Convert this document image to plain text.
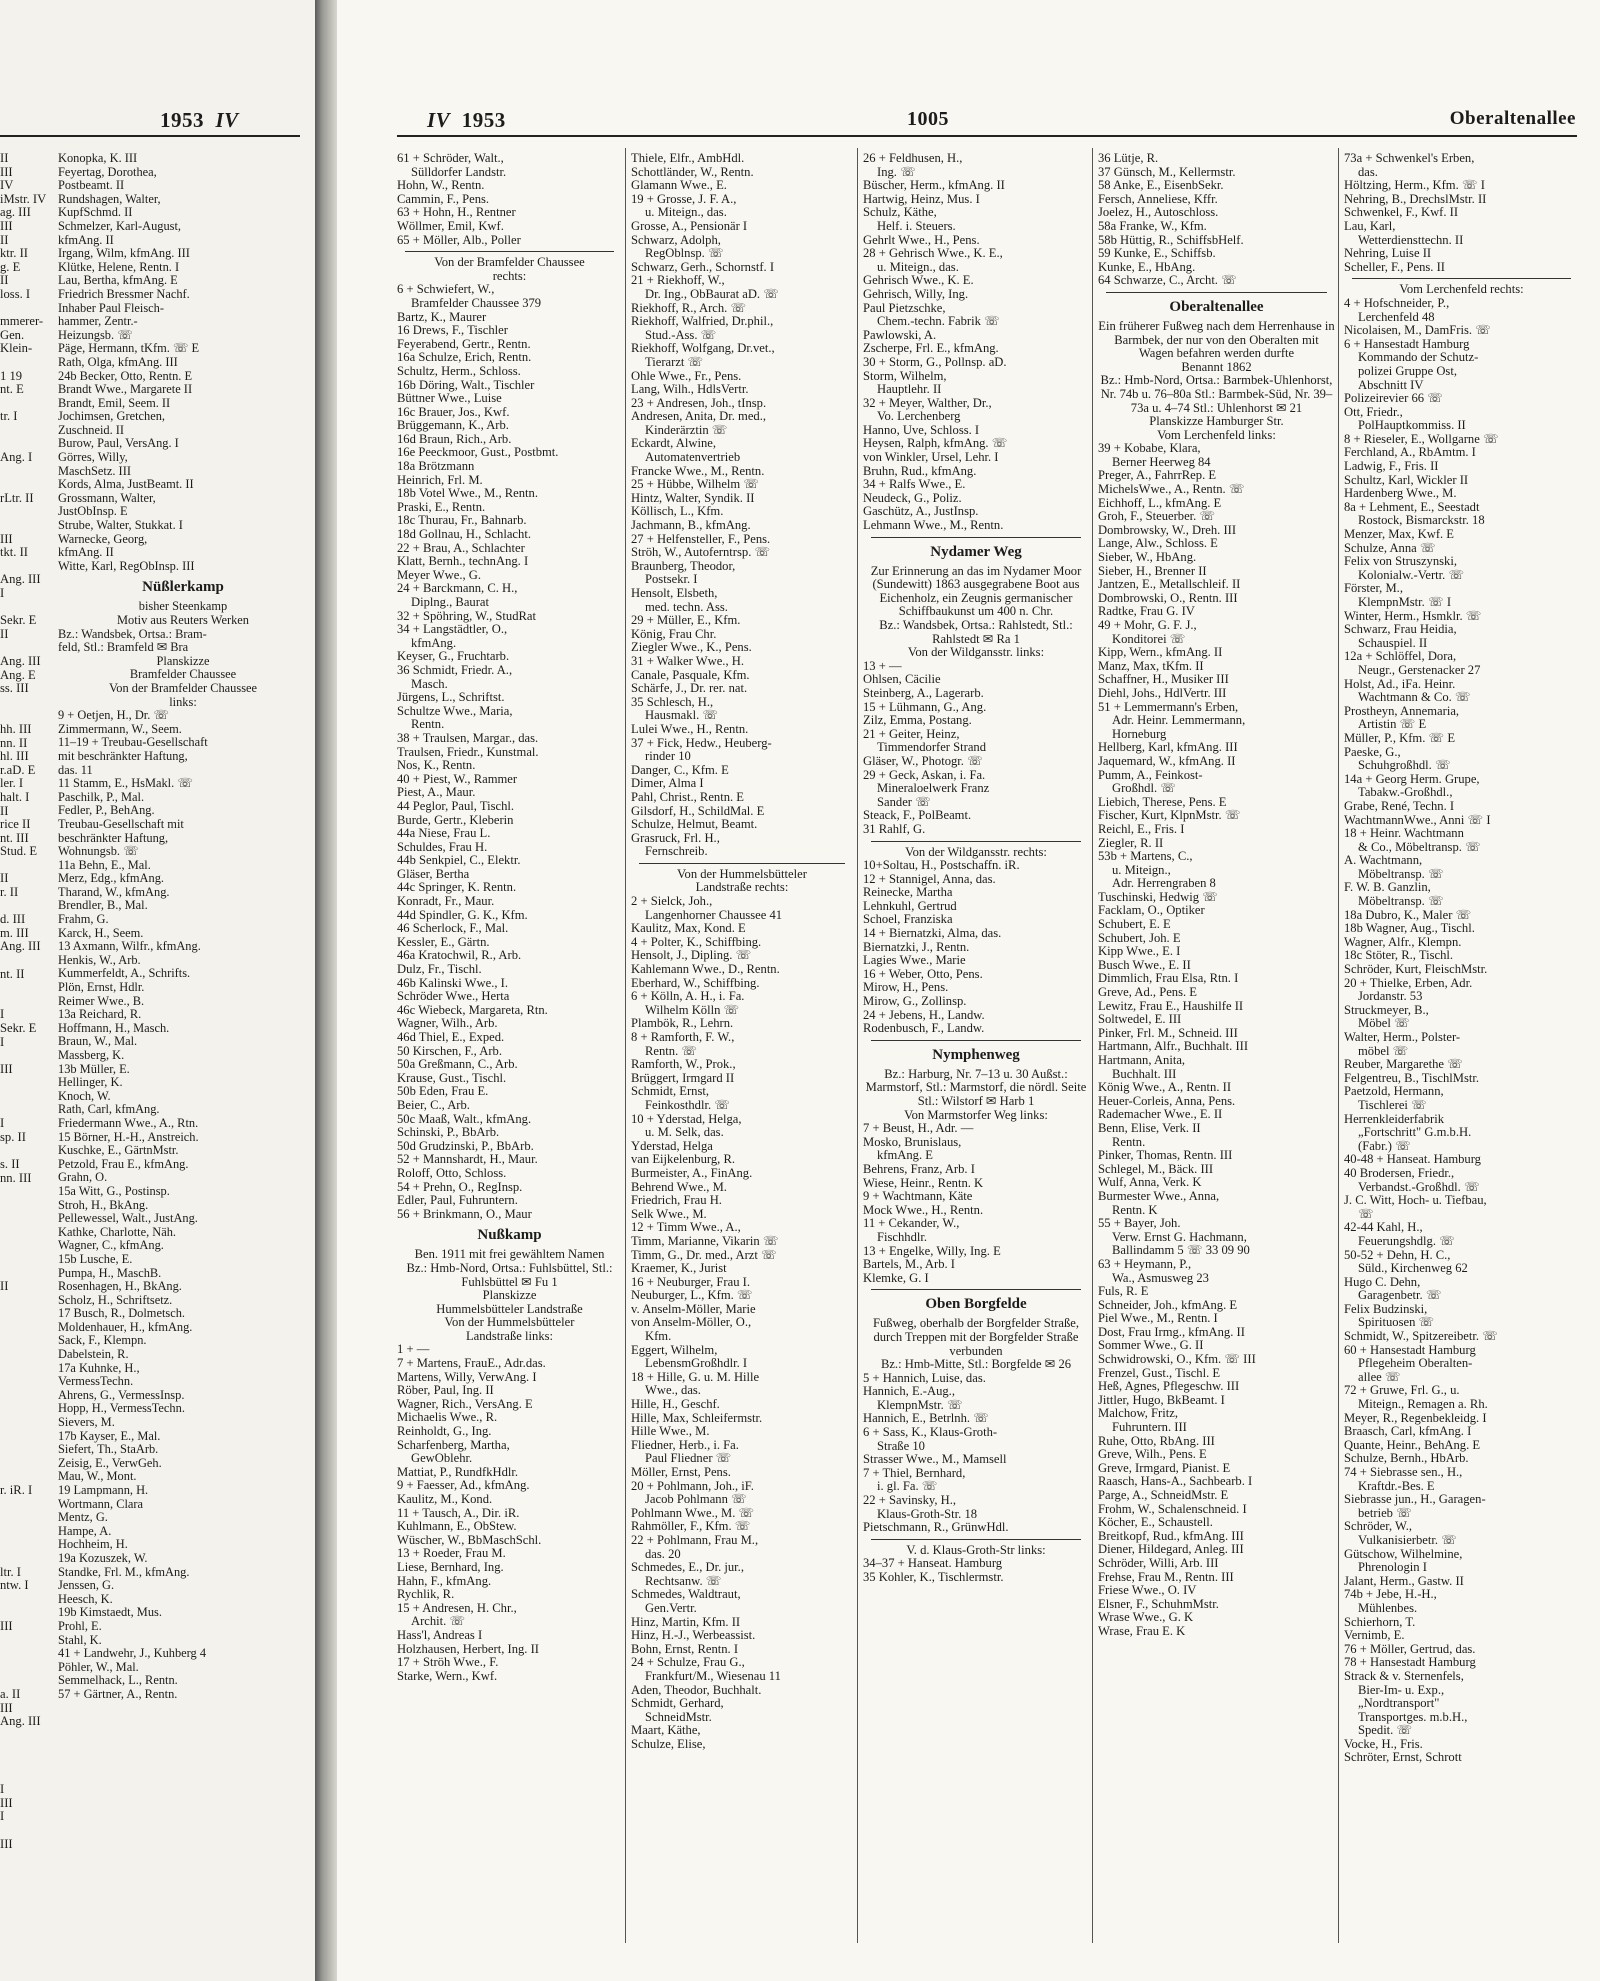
1953 IV
II
III
IV
iMstr. IV
ag. III
III
II
ktr. II
g. E
II
loss. I

mmerer-
Gen.
Klein-

1 19
nt. E

tr. I

Ang. I

rLtr. II

III
tkt. II

Ang. III
I

Sekr. E
II

Ang. III
Ang. E
ss. III

hh. III
nn. II
hl. III
r.aD. E
ler. I
halt. I
II
rice II
nt. III
Stud. E

II
r. II

d. III
m. III
Ang. III

nt. II

I
Sekr. E
I

III

I
sp. II

s. II
nn. III

II

r. iR. I

ltr. I
ntw. I

III

a. II
III
Ang. III

I
III
I

III

Konopka, K. III
Feyertag, Dorothea,
Postbeamt. II
Rundshagen, Walter,
KupfSchmd. II
Schmelzer, Karl-August,
kfmAng. II
Irgang, Wilm, kfmAng. III
Klütke, Helene, Rentn. I
Lau, Bertha, kfmAng. E
Friedrich Bressmer Nachf.
Inhaber Paul Fleisch-
hammer, Zentr.-
Heizungsb. ☏
Päge, Hermann, tKfm. ☏ E
Rath, Olga, kfmAng. III
24b Becker, Otto, Rentn. E
Brandt Wwe., Margarete II
Brandt, Emil, Seem. II
Jochimsen, Gretchen,
Zuschneid. II
Burow, Paul, VersAng. I
Görres, Willy,
MaschSetz. III
Kords, Alma, JustBeamt. II
Grossmann, Walter,
JustObInsp. E
Strube, Walter, Stukkat. I
Warnecke, Georg,
kfmAng. II
Witte, Karl, RegObInsp. III
Nüßlerkamp
bisher Steenkamp
Motiv aus Reuters Werken
Bz.: Wandsbek, Ortsa.: Bram-
feld, Stl.: Bramfeld ✉ Bra
Planskizze
Bramfelder Chaussee
Von der Bramfelder Chaussee
links:
9 + Oetjen, H., Dr. ☏
Zimmermann, W., Seem.
11–19 + Treubau-Gesellschaft
mit beschränkter Haftung,
das. 11
11 Stamm, E., HsMakl. ☏
Paschilk, P., Mal.
Fedler, P., BehAng.
Treubau-Gesellschaft mit
beschränkter Haftung,
Wohnungsb. ☏
11a Behn, E., Mal.
Merz, Edg., kfmAng.
Tharand, W., kfmAng.
Brendler, B., Mal.
Frahm, G.
Karck, H., Seem.
13 Axmann, Wilfr., kfmAng.
Henkis, W., Arb.
Kummerfeldt, A., Schrifts.
Plön, Ernst, Hdlr.
Reimer Wwe., B.
13a Reichard, R.
Hoffmann, H., Masch.
Braun, W., Mal.
Massberg, K.
13b Müller, E.
Hellinger, K.
Knoch, W.
Rath, Carl, kfmAng.
Friedermann Wwe., A., Rtn.
15 Börner, H.-H., Anstreich.
Kuschke, E., GärtnMstr.
Petzold, Frau E., kfmAng.
Grahn, O.
15a Witt, G., Postinsp.
Stroh, H., BkAng.
Pellewessel, Walt., JustAng.
Kathke, Charlotte, Näh.
Wagner, C., kfmAng.
15b Lusche, E.
Pumpa, H., MaschB.
Rosenhagen, H., BkAng.
Scholz, H., Schriftsetz.
17 Busch, R., Dolmetsch.
Moldenhauer, H., kfmAng.
Sack, F., Klempn.
Dabelstein, R.
17a Kuhnke, H.,
VermessTechn.
Ahrens, G., VermessInsp.
Hopp, H., VermessTechn.
Sievers, M.
17b Kayser, E., Mal.
Siefert, Th., StaArb.
Zeisig, E., VerwGeh.
Mau, W., Mont.
19 Lampmann, H.
Wortmann, Clara
Mentz, G.
Hampe, A.
Hochheim, H.
19a Kozuszek, W.
Standke, Frl. M., kfmAng.
Jenssen, G.
Heesch, K.
19b Kimstaedt, Mus.
Prohl, E.
Stahl, K.
41 + Landwehr, J., Kuhberg 4
Pöhler, W., Mal.
Semmelhack, L., Rentn.
57 + Gärtner, A., Rentn.
IV 1953	1005	Oberaltenallee
61 + Schröder, Walt.,
Sülldorfer Landstr.
Hohn, W., Rentn.
Cammin, F., Pens.
63 + Hohn, H., Rentner
Wöllmer, Emil, Kwf.
65 + Möller, Alb., Poller
Von der Bramfelder Chaussee
rechts:
6 + Schwiefert, W.,
Bramfelder Chaussee 379
Bartz, K., Maurer
16 Drews, F., Tischler
Feyerabend, Gertr., Rentn.
16a Schulze, Erich, Rentn.
Schultz, Herm., Schloss.
16b Döring, Walt., Tischler
Büttner Wwe., Luise
16c Brauer, Jos., Kwf.
Brüggemann, K., Arb.
16d Braun, Rich., Arb.
16e Peeckmoor, Gust., Postbmt.
18a Brötzmann
Heinrich, Frl. M.
18b Votel Wwe., M., Rentn.
Praski, E., Rentn.
18c Thurau, Fr., Bahnarb.
18d Gollnau, H., Schlacht.
22 + Brau, A., Schlachter
Klatt, Bernh., technAng. I
Meyer Wwe., G.
24 + Barckmann, C. H.,
Diplng., Baurat
32 + Spöhring, W., StudRat
34 + Langstädtler, O.,
kfmAng.
Keyser, G., Fruchtarb.
36 Schmidt, Friedr. A.,
Masch.
Jürgens, L., Schriftst.
Schultze Wwe., Maria,
Rentn.
38 + Traulsen, Margar., das.
Traulsen, Friedr., Kunstmal.
Nos, K., Rentn.
40 + Piest, W., Rammer
Piest, A., Maur.
44 Peglor, Paul, Tischl.
Burde, Gertr., Kleberin
44a Niese, Frau L.
Schuldes, Frau H.
44b Senkpiel, C., Elektr.
Gläser, Bertha
44c Springer, K. Rentn.
Konradt, Fr., Maur.
44d Spindler, G. K., Kfm.
46 Scherlock, F., Mal.
Kessler, E., Gärtn.
46a Kratochwil, R., Arb.
Dulz, Fr., Tischl.
46b Kalinski Wwe., I.
Schröder Wwe., Herta
46c Wiebeck, Margareta, Rtn.
Wagner, Wilh., Arb.
46d Thiel, E., Exped.
50 Kirschen, F., Arb.
50a Greßmann, C., Arb.
Krause, Gust., Tischl.
50b Eden, Frau E.
Beier, C., Arb.
50c Maaß, Walt., kfmAng.
Schinski, P., BbArb.
50d Grudzinski, P., BbArb.
52 + Mannshardt, H., Maur.
Roloff, Otto, Schloss.
54 + Prehn, O., RegInsp.
Edler, Paul, Fuhruntern.
56 + Brinkmann, O., Maur
Nußkamp
Ben. 1911 mit frei gewähltem Namen
Bz.: Hmb-Nord, Ortsa.: Fuhlsbüttel, Stl.: Fuhlsbüttel ✉ Fu 1
Planskizze
Hummelsbütteler Landstraße
Von der Hummelsbütteler
Landstraße links:
1 + —
7 + Martens, FrauE., Adr.das.
Martens, Willy, VerwAng. I
Röber, Paul, Ing. II
Wagner, Rich., VersAng. E
Michaelis Wwe., R.
Reinholdt, G., Ing.
Scharfenberg, Martha,
GewOblehr.
Mattiat, P., RundfkHdlr.
9 + Faesser, Ad., kfmAng.
Kaulitz, M., Kond.
11 + Tausch, A., Dir. iR.
Kuhlmann, E., ObStew.
Wüscher, W., BbMaschSchl.
13 + Roeder, Frau M.
Liese, Bernhard, Ing.
Hahn, F., kfmAng.
Rychlik, R.
15 + Andresen, H. Chr.,
Archit. ☏
Hass'l, Andreas I
Holzhausen, Herbert, Ing. II
17 + Ströh Wwe., F.
Starke, Wern., Kwf.
Thiele, Elfr., AmbHdl.
Schottländer, W., Rentn.
Glamann Wwe., E.
19 + Grosse, J. F. A.,
u. Miteign., das.
Grosse, A., Pensionär I
Schwarz, Adolph,
RegOblnsp. ☏
Schwarz, Gerh., Schornstf. I
21 + Riekhoff, W.,
Dr. Ing., ObBaurat aD. ☏
Riekhoff, R., Arch. ☏
Riekhoff, Walfried, Dr.phil.,
Stud.-Ass. ☏
Riekhoff, Wolfgang, Dr.vet.,
Tierarzt ☏
Ohle Wwe., Fr., Pens.
Lang, Wilh., HdlsVertr.
23 + Andresen, Joh., tInsp.
Andresen, Anita, Dr. med.,
Kinderärztin ☏
Eckardt, Alwine,
Automatenvertrieb
Francke Wwe., M., Rentn.
25 + Hübbe, Wilhelm ☏
Hintz, Walter, Syndik. II
Köllisch, L., Kfm.
Jachmann, B., kfmAng.
27 + Helfensteller, F., Pens.
Ströh, W., Autoferntrsp. ☏
Braunberg, Theodor,
Postsekr. I
Hensolt, Elsbeth,
med. techn. Ass.
29 + Müller, E., Kfm.
König, Frau Chr.
Ziegler Wwe., K., Pens.
31 + Walker Wwe., H.
Canale, Pasquale, Kfm.
Schärfe, J., Dr. rer. nat.
35 Schlesch, H.,
Hausmakl. ☏
Lulei Wwe., H., Rentn.
37 + Fick, Hedw., Heuberg-
rinder 10
Danger, C., Kfm. E
Dimer, Alma I
Pahl, Christ., Rentn. E
Gilsdorf, H., SchildMal. E
Schulze, Helmut, Beamt.
Grasruck, Frl. H.,
Fernschreib.
Von der Hummelsbütteler
Landstraße rechts:
2 + Sielck, Joh.,
Langenhorner Chaussee 41
Kaulitz, Max, Kond. E
4 + Polter, K., Schiffbing.
Hensolt, J., Dipling. ☏
Kahlemann Wwe., D., Rentn.
Eberhard, W., Schiffbing.
6 + Kölln, A. H., i. Fa.
Wilhelm Kölln ☏
Plambök, R., Lehrn.
8 + Ramforth, F. W.,
Rentn. ☏
Ramforth, W., Prok.,
Brüggert, Irmgard II
Schmidt, Ernst,
Feinkosthdlr. ☏
10 + Yderstad, Helga,
u. M. Selk, das.
Yderstad, Helga
van Eijkelenburg, R.
Burmeister, A., FinAng.
Behrend Wwe., M.
Friedrich, Frau H.
Selk Wwe., M.
12 + Timm Wwe., A.,
Timm, Marianne, Vikarin ☏
Timm, G., Dr. med., Arzt ☏
Kraemer, K., Jurist
16 + Neuburger, Frau I.
Neuburger, L., Kfm. ☏
v. Anselm-Möller, Marie
von Anselm-Möller, O.,
Kfm.
Eggert, Wilhelm,
LebensmGroßhdlr. I
18 + Hille, G. u. M. Hille
Wwe., das.
Hille, H., Geschf.
Hille, Max, Schleifermstr.
Hille Wwe., M.
Fliedner, Herb., i. Fa.
Paul Fliedner ☏
Möller, Ernst, Pens.
20 + Pohlmann, Joh., iF.
Jacob Pohlmann ☏
Pohlmann Wwe., M. ☏
Rahmöller, F., Kfm. ☏
22 + Pohlmann, Frau M.,
das. 20
Schmedes, E., Dr. jur.,
Rechtsanw. ☏
Schmedes, Waldtraut,
Gen.Vertr.
Hinz, Martin, Kfm. II
Hinz, H.-J., Werbeassist.
Bohn, Ernst, Rentn. I
24 + Schulze, Frau G.,
Frankfurt/M., Wiesenau 11
Aden, Theodor, Buchhalt.
Schmidt, Gerhard,
SchneidMstr.
Maart, Käthe,
Schulze, Elise,
26 + Feldhusen, H.,
Ing. ☏
Büscher, Herm., kfmAng. II
Hartwig, Heinz, Mus. I
Schulz, Käthe,
Helf. i. Steuers.
Gehrlt Wwe., H., Pens.
28 + Gehrisch Wwe., K. E.,
u. Miteign., das.
Gehrisch Wwe., K. E.
Gehrisch, Willy, Ing.
Paul Pietzschke,
Chem.-techn. Fabrik ☏
Pawlowski, A.
Zscherpe, Frl. E., kfmAng.
30 + Storm, G., Pollnsp. aD.
Storm, Wilhelm,
Hauptlehr. II
32 + Meyer, Walther, Dr.,
Vo. Lerchenberg
Hanno, Uve, Schloss. I
Heysen, Ralph, kfmAng. ☏
von Winkler, Ursel, Lehr. I
Bruhn, Rud., kfmAng.
34 + Ralfs Wwe., E.
Neudeck, G., Poliz.
Gaschütz, A., JustInsp.
Lehmann Wwe., M., Rentn.
Nydamer Weg
Zur Erinnerung an das im Nydamer Moor (Sundewitt) 1863 ausgegrabene Boot aus Eichenholz, ein Zeugnis germanischer Schiffbaukunst um 400 n. Chr.
Bz.: Wandsbek, Ortsa.: Rahlstedt, Stl.: Rahlstedt ✉ Ra 1
Von der Wildgansstr. links:
13 + —
Ohlsen, Cäcilie
Steinberg, A., Lagerarb.
15 + Lühmann, G., Ang.
Zilz, Emma, Postang.
21 + Geiter, Heinz,
Timmendorfer Strand
Gläser, W., Photogr. ☏
29 + Geck, Askan, i. Fa.
Mineraloelwerk Franz
Sander ☏
Steack, F., PolBeamt.
31 Rahlf, G.
Von der Wildgansstr. rechts:
10+Soltau, H., Postschaffn. iR.
12 + Stannigel, Anna, das.
Reinecke, Martha
Lehnkuhl, Gertrud
Schoel, Franziska
14 + Biernatzki, Alma, das.
Biernatzki, J., Rentn.
Lagies Wwe., Marie
16 + Weber, Otto, Pens.
Mirow, H., Pens.
Mirow, G., Zollinsp.
24 + Jebens, H., Landw.
Rodenbusch, F., Landw.
Nymphenweg
Bz.: Harburg, Nr. 7–13 u. 30 Außst.: Marmstorf, Stl.: Marmstorf, die nördl. Seite Stl.: Wilstorf ✉ Harb 1
Von Marmstorfer Weg links:
7 + Beust, H., Adr. —
Mosko, Brunislaus,
kfmAng. E
Behrens, Franz, Arb. I
Wiese, Heinr., Rentn. K
9 + Wachtmann, Käte
Mock Wwe., H., Rentn.
11 + Cekander, W.,
Fischhdlr.
13 + Engelke, Willy, Ing. E
Bartels, M., Arb. I
Klemke, G. I
Oben Borgfelde
Fußweg, oberhalb der Borgfelder Straße, durch Treppen mit der Borgfelder Straße verbunden
Bz.: Hmb-Mitte, Stl.: Borgfelde ✉ 26
5 + Hannich, Luise, das.
Hannich, E.-Aug.,
KlempnMstr. ☏
Hannich, E., Betrlnh. ☏
6 + Sass, K., Klaus-Groth-
Straße 10
Strasser Wwe., M., Mamsell
7 + Thiel, Bernhard,
i. gl. Fa. ☏
22 + Savinsky, H.,
Klaus-Groth-Str. 18
Pietschmann, R., GrünwHdl.
V. d. Klaus-Groth-Str links:
34–37 + Hanseat. Hamburg
35 Kohler, K., Tischlermstr.
36 Lütje, R.
37 Günsch, M., Kellermstr.
58 Anke, E., EisenbSekr.
Fersch, Anneliese, Kffr.
Joelez, H., Autoschloss.
58a Franke, W., Kfm.
58b Hüttig, R., SchiffsbHelf.
59 Kunke, E., Schiffsb.
Kunke, E., HbAng.
64 Schwarze, C., Archt. ☏
Oberaltenallee
Ein früherer Fußweg nach dem Herrenhause in Barmbek, der nur von den Oberalten mit Wagen befahren werden durfte
Benannt 1862
Bz.: Hmb-Nord, Ortsa.: Barmbek-Uhlenhorst, Nr. 74b u. 76–80a Stl.: Barmbek-Süd, Nr. 39–73a u. 4–74 Stl.: Uhlenhorst ✉ 21
Planskizze Hamburger Str.
Vom Lerchenfeld links:
39 + Kobabe, Klara,
Berner Heerweg 84
Preger, A., FahrrRep. E
MichelsWwe., A., Rentn. ☏
Eichhoff, L., kfmAng. E
Groh, F., Steuerber. ☏
Dombrowsky, W., Dreh. III
Lange, Alw., Schloss. E
Sieber, W., HbAng.
Sieber, H., Brenner II
Jantzen, E., Metallschleif. II
Dombrowski, O., Rentn. III
Radtke, Frau G. IV
49 + Mohr, G. F. J.,
Konditorei ☏
Kipp, Wern., kfmAng. II
Manz, Max, tKfm. II
Schaffner, H., Musiker III
Diehl, Johs., HdlVertr. III
51 + Lemmermann's Erben,
Adr. Heinr. Lemmermann,
Horneburg
Hellberg, Karl, kfmAng. III
Jaquemard, W., kfmAng. II
Pumm, A., Feinkost-
Großhdl. ☏
Liebich, Therese, Pens. E
Fischer, Kurt, KlpnMstr. ☏
Reichl, E., Fris. I
Ziegler, R. II
53b + Martens, C.,
u. Miteign.,
Adr. Herrengraben 8
Tuschinski, Hedwig ☏
Facklam, O., Optiker
Schubert, E. E
Schubert, Joh. E
Kipp Wwe., E. I
Busch Wwe., E. II
Dimmlich, Frau Elsa, Rtn. I
Greve, Ad., Pens. E
Lewitz, Frau E., Haushilfe II
Soltwedel, E. III
Pinker, Frl. M., Schneid. III
Hartmann, Alfr., Buchhalt. III
Hartmann, Anita,
Buchhalt. III
König Wwe., A., Rentn. II
Heuer-Corleis, Anna, Pens.
Rademacher Wwe., E. II
Benn, Elise, Verk. II
Rentn.
Pinker, Thomas, Rentn. III
Schlegel, M., Bäck. III
Wulf, Anna, Verk. K
Burmester Wwe., Anna,
Rentn. K
55 + Bayer, Joh.
Verw. Ernst G. Hachmann,
Ballindamm 5 ☏ 33 09 90
63 + Heymann, P.,
Wa., Asmusweg 23
Fuls, R. E
Schneider, Joh., kfmAng. E
Piel Wwe., M., Rentn. I
Dost, Frau Irmg., kfmAng. II
Sommer Wwe., G. II
Schwidrowski, O., Kfm. ☏ III
Frenzel, Gust., Tischl. E
Heß, Agnes, Pflegeschw. III
Jittler, Hugo, BkBeamt. I
Malchow, Fritz,
Fuhruntern. III
Ruhe, Otto, RbAng. III
Greve, Wilh., Pens. E
Greve, Irmgard, Pianist. E
Raasch, Hans-A., Sachbearb. I
Parge, A., SchneidMstr. E
Frohm, W., Schalenschneid. I
Köcher, E., Schaustell.
Breitkopf, Rud., kfmAng. III
Diener, Hildegard, Anleg. III
Schröder, Willi, Arb. III
Frehse, Frau M., Rentn. III
Friese Wwe., O. IV
Elsner, F., SchuhmMstr.
Wrase Wwe., G. K
Wrase, Frau E. K
73a + Schwenkel's Erben,
das.
Höltzing, Herm., Kfm. ☏ I
Nehring, B., DrechslMstr. II
Schwenkel, F., Kwf. II
Lau, Karl,
Wetterdiensttechn. II
Nehring, Luise II
Scheller, F., Pens. II
Vom Lerchenfeld rechts:
4 + Hofschneider, P.,
Lerchenfeld 48
Nicolaisen, M., DamFris. ☏
6 + Hansestadt Hamburg
Kommando der Schutz-
polizei Gruppe Ost,
Abschnitt IV
Polizeirevier 66 ☏
Ott, Friedr.,
PolHauptkommiss. II
8 + Rieseler, E., Wollgarne ☏
Ferchland, A., RbAmtm. I
Ladwig, F., Fris. II
Schultz, Karl, Wickler II
Hardenberg Wwe., M.
8a + Lehment, E., Seestadt
Rostock, Bismarckstr. 18
Menzer, Max, Kwf. E
Schulze, Anna ☏
Felix von Struszynski,
Kolonialw.-Vertr. ☏
Förster, M.,
KlempnMstr. ☏ I
Winter, Herm., Hsmklr. ☏
Schwarz, Frau Heidia,
Schauspiel. II
12a + Schlöffel, Dora,
Neugr., Gerstenacker 27
Holst, Ad., iFa. Heinr.
Wachtmann & Co. ☏
Prostheyn, Annemaria,
Artistin ☏ E
Müller, P., Kfm. ☏ E
Paeske, G.,
Schuhgroßhdl. ☏
14a + Georg Herm. Grupe,
Tabakw.-Großhdl.,
Grabe, René, Techn. I
WachtmannWwe., Anni ☏ I
18 + Heinr. Wachtmann
& Co., Möbeltransp. ☏
A. Wachtmann,
Möbeltransp. ☏
F. W. B. Ganzlin,
Möbeltransp. ☏
18a Dubro, K., Maler ☏
18b Wagner, Aug., Tischl.
Wagner, Alfr., Klempn.
18c Stöter, R., Tischl.
Schröder, Kurt, FleischMstr.
20 + Thielke, Erben, Adr.
Jordanstr. 53
Struckmeyer, B.,
Möbel ☏
Walter, Herm., Polster-
möbel ☏
Reuber, Margarethe ☏
Felgentreu, B., TischlMstr.
Paetzold, Hermann,
Tischlerei ☏
Herrenkleiderfabrik
„Fortschritt" G.m.b.H.
(Fabr.) ☏
40-48 + Hanseat. Hamburg
40 Brodersen, Friedr.,
Verbandst.-Großhdl. ☏
J. C. Witt, Hoch- u. Tiefbau,
☏
42-44 Kahl, H.,
Feuerungshdlg. ☏
50-52 + Dehn, H. C.,
Süld., Kirchenweg 62
Hugo C. Dehn,
Garagenbetr. ☏
Felix Budzinski,
Spirituosen ☏
Schmidt, W., Spitzereibetr. ☏
60 + Hansestadt Hamburg
Pflegeheim Oberalten-
allee ☏
72 + Gruwe, Frl. G., u.
Miteign., Remagen a. Rh.
Meyer, R., Regenbekleidg. I
Braasch, Carl, kfmAng. I
Quante, Heinr., BehAng. E
Schulze, Bernh., HbArb.
74 + Siebrasse sen., H.,
Kraftdr.-Bes. E
Siebrasse jun., H., Garagen-
betrieb ☏
Schröder, W.,
Vulkanisierbetr. ☏
Gütschow, Wilhelmine,
Phrenologin I
Jalant, Herm., Gastw. II
74b + Jebe, H.-H.,
Mühlenbes.
Schierhorn, T.
Vernimb, E.
76 + Möller, Gertrud, das.
78 + Hansestadt Hamburg
Strack & v. Sternenfels,
Bier-Im- u. Exp.,
„Nordtransport"
Transportges. m.b.H.,
Spedit. ☏
Vocke, H., Fris.
Schröter, Ernst, Schrott
